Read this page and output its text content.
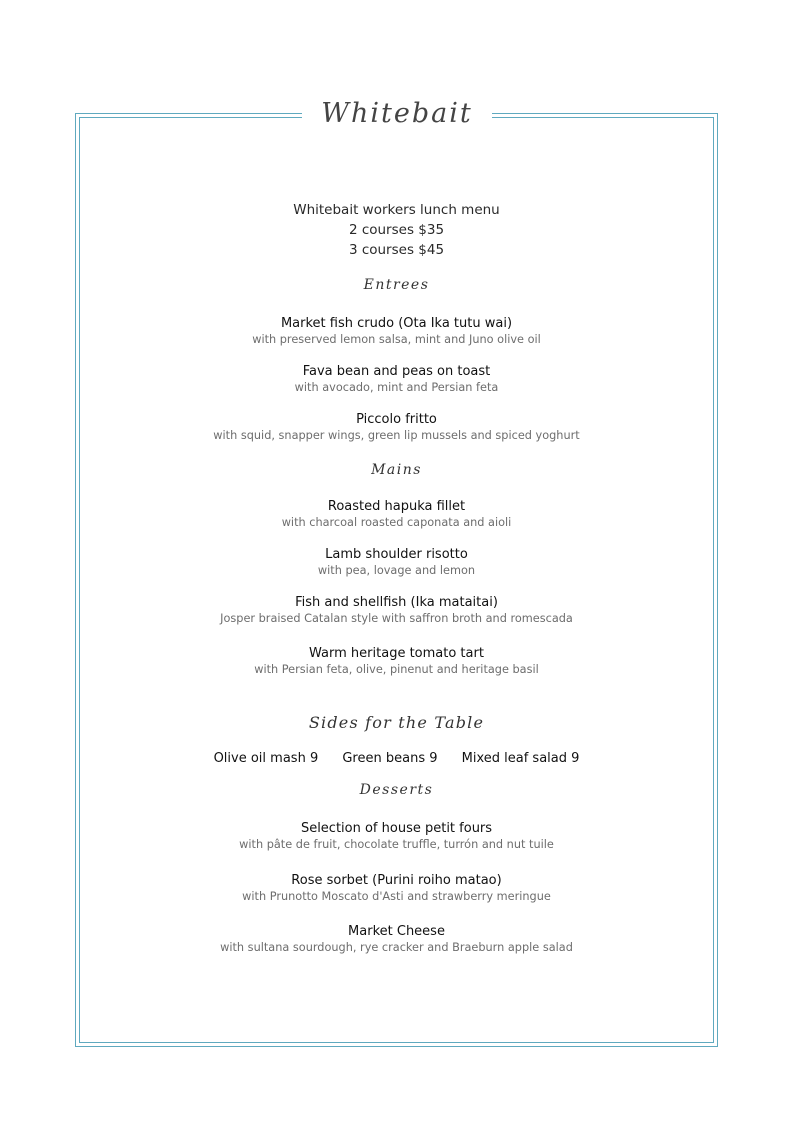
Whitebait
Whitebait workers lunch menu
2 courses $35
3 courses $45
Entrees
Market fish crudo (Ota Ika tutu wai)
with preserved lemon salsa, mint and Juno olive oil
Fava bean and peas on toast
with avocado, mint and Persian feta
Piccolo fritto
with squid, snapper wings, green lip mussels and spiced yoghurt
Mains
Roasted hapuka fillet
with charcoal roasted caponata and aioli
Lamb shoulder risotto
with pea, lovage and lemon
Fish and shellfish (Ika mataitai)
Josper braised Catalan style with saffron broth and romescada
Warm heritage tomato tart
with Persian feta, olive, pinenut and heritage basil
Sides for the Table
Olive oil mash 9 Green beans 9 Mixed leaf salad 9
Desserts
Selection of house petit fours
with pâte de fruit, chocolate truffle, turrón and nut tuile
Rose sorbet (Purini roiho matao)
with Prunotto Moscato d'Asti and strawberry meringue
Market Cheese
with sultana sourdough, rye cracker and Braeburn apple salad
